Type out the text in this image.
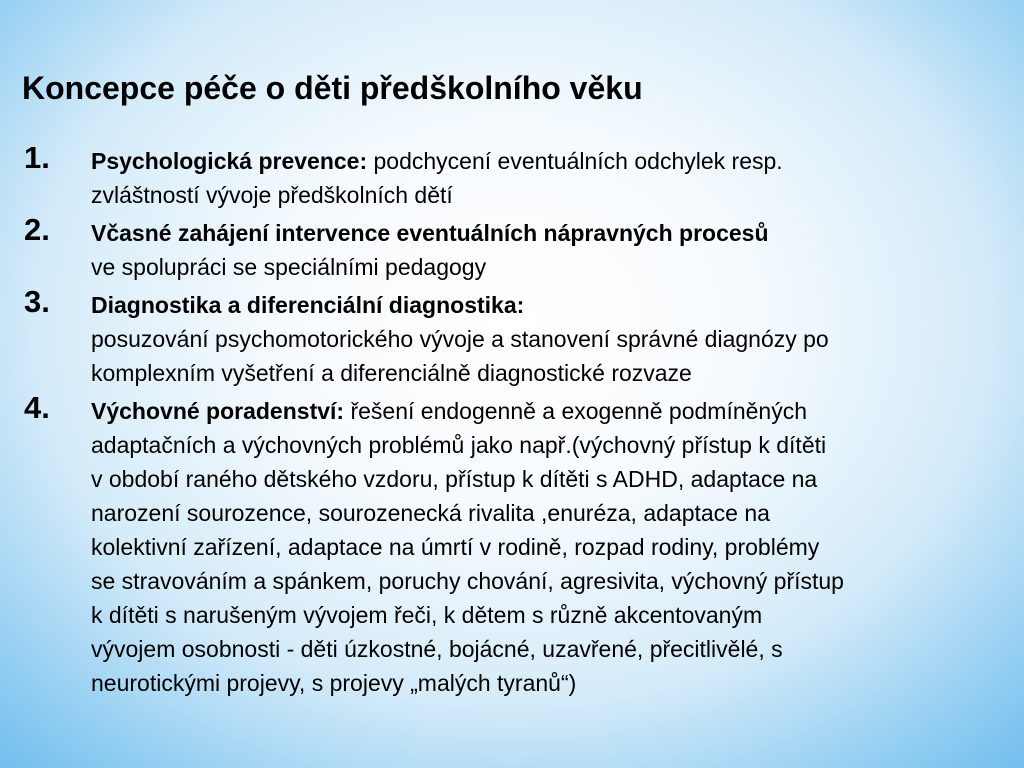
Koncepce péče o děti předškolního věku
1. Psychologická prevence: podchycení eventuálních odchylek resp.
zvláštností vývoje předškolních dětí
2. Včasné zahájení intervence eventuálních nápravných procesů
ve spolupráci se speciálními pedagogy
3. Diagnostika a diferenciální diagnostika:
posuzování psychomotorického vývoje a stanovení správné diagnózy po
komplexním vyšetření a diferenciálně diagnostické rozvaze
4. Výchovné poradenství: řešení endogenně a exogenně podmíněných
adaptačních a výchovných problémů jako např.(výchovný přístup k dítěti
v období raného dětského vzdoru, přístup k dítěti s ADHD, adaptace na
narození sourozence, sourozenecká rivalita ,enuréza, adaptace na
kolektivní zařízení, adaptace na úmrtí v rodině, rozpad rodiny, problémy
se stravováním a spánkem, poruchy chování, agresivita, výchovný přístup
k dítěti s narušeným vývojem řeči, k dětem s různě akcentovaným
vývojem osobnosti - děti úzkostné, bojácné, uzavřené, přecitlivělé, s
neurotickými projevy, s projevy „malých tyranů“)
